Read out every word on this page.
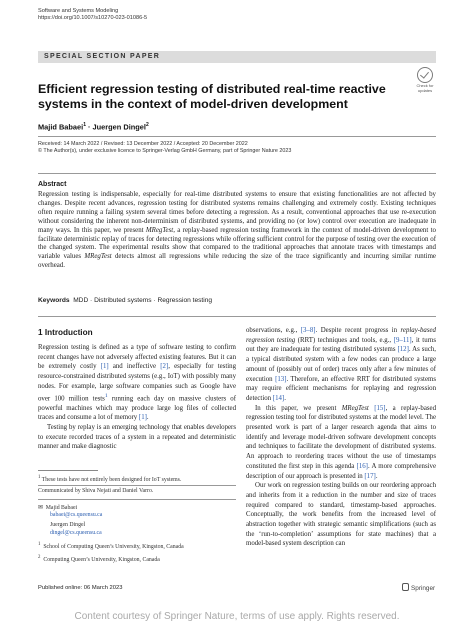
Software and Systems Modeling
https://doi.org/10.1007/s10270-023-01086-5
SPECIAL SECTION PAPER
Check for
updates
Efficient regression testing of distributed real-time reactive systems in the context of model-driven development
Majid Babaei$^1$ · Juergen Dingel$^2$
Received: 14 March 2022 / Revised: 13 December 2022 / Accepted: 20 December 2022
© The Author(s), under exclusive licence to Springer-Verlag GmbH Germany, part of Springer Nature 2023
Abstract

Regression testing is indispensable, especially for real-time distributed systems to ensure that existing functionalities are not affected by changes. Despite recent advances, regression testing for distributed systems remains challenging and extremely costly. Existing techniques often require running a failing system several times before detecting a regression. As a result, conventional approaches that use re-execution without considering the inherent non-determinism of distributed systems, and providing no (or low) control over execution are inadequate in many ways. In this paper, we present MRegTest, a replay-based regression testing framework in the context of model-driven development to facilitate deterministic replay of traces for detecting regressions while offering sufficient control for the purpose of testing over the execution of the changed system. The experimental results show that compared to the traditional approaches that annotate traces with timestamps and variable values MRegTest detects almost all regressions while reducing the size of the trace significantly and incurring similar runtime overhead.

Keywords MDD · Distributed systems · Regression testing
1 Introduction

Regression testing is defined as a type of software testing to confirm recent changes have not adversely affected existing features. But it can be extremely costly [1] and ineffective [2], especially for testing resource-constrained distributed systems (e.g., IoT) with possibly many nodes. For example, large software companies such as Google have over 100 million tests$^1$ running each day on massive clusters of powerful machines which may produce large log files of collected traces and consume a lot of memory [1].

Testing by replay is an emerging technology that enables developers to execute recorded traces of a system in a repeated and deterministic manner and make diagnostic

$^1$ These tests have not entirely been designed for IoT systems.
Communicated by Shiva Nejati and Daniel Varro.
✉ Majid Babaei
babaei@cs.queensu.ca
Juergen Dingel
dingel@cs.queensu.ca
$^1$ School of Computing Queen’s University, Kingston, Canada
$^2$ Computing Queen’s University, Kingston, Canada

observations, e.g., [3–8]. Despite recent progress in replay-based regression testing (RRT) techniques and tools, e.g., [9–11], it turns out they are inadequate for testing distributed systems [12]. As such, a typical distributed system with a few nodes can produce a large amount of (possibly out of order) traces only after a few minutes of execution [13]. Therefore, an effective RRT for distributed systems may require efficient mechanisms for replaying and regression detection [14].

In this paper, we present MRegTest [15], a replay-based regression testing tool for distributed systems at the model level. The presented work is part of a larger research agenda that aims to identify and leverage model-driven software development concepts and techniques to facilitate the development of distributed systems. An approach to reordering traces without the use of timestamps constituted the first step in this agenda [16]. A more comprehensive description of our approach is presented in [17].

Our work on regression testing builds on our reordering approach and inherits from it a reduction in the number and size of traces required compared to standard, timestamp-based approaches. Conceptually, the work benefits from the increased level of abstraction together with strategic semantic simplifications (such as the ‘run-to-completion’ assumptions for state machines) that a model-based system description can

Published online: 06 March 2023	Springer
Content courtesy of Springer Nature, terms of use apply. Rights reserved.
